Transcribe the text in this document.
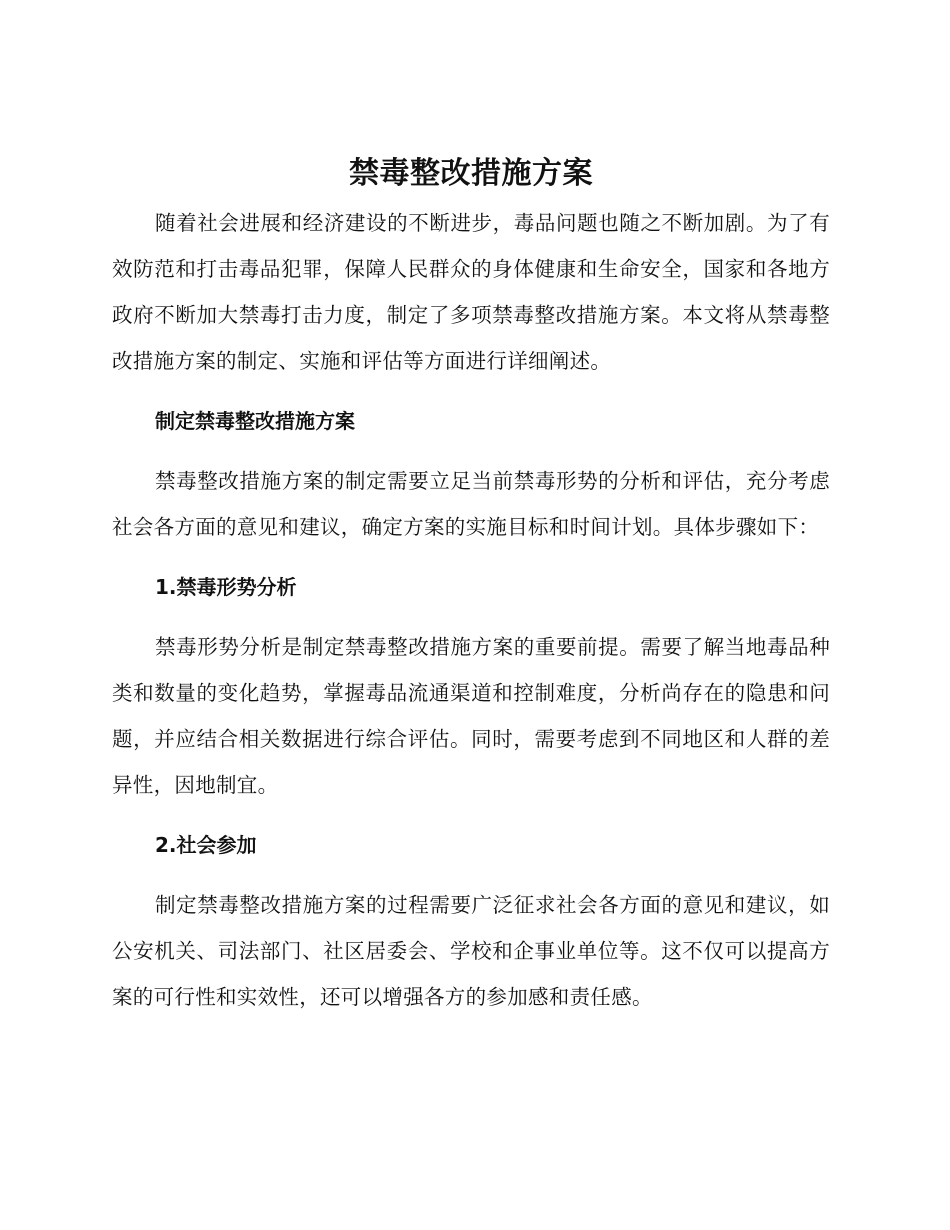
禁毒整改措施方案

随着社会进展和经济建设的不断进步，毒品问题也随之不断加剧。为了有效防范和打击毒品犯罪，保障人民群众的身体健康和生命安全，国家和各地方政府不断加大禁毒打击力度，制定了多项禁毒整改措施方案。本文将从禁毒整改措施方案的制定、实施和评估等方面进行详细阐述。

制定禁毒整改措施方案

禁毒整改措施方案的制定需要立足当前禁毒形势的分析和评估，充分考虑社会各方面的意见和建议，确定方案的实施目标和时间计划。具体步骤如下：

1.禁毒形势分析

禁毒形势分析是制定禁毒整改措施方案的重要前提。需要了解当地毒品种类和数量的变化趋势，掌握毒品流通渠道和控制难度，分析尚存在的隐患和问题，并应结合相关数据进行综合评估。同时，需要考虑到不同地区和人群的差异性，因地制宜。

2.社会参加

制定禁毒整改措施方案的过程需要广泛征求社会各方面的意见和建议，如公安机关、司法部门、社区居委会、学校和企事业单位等。这不仅可以提高方案的可行性和实效性，还可以增强各方的参加感和责任感。
